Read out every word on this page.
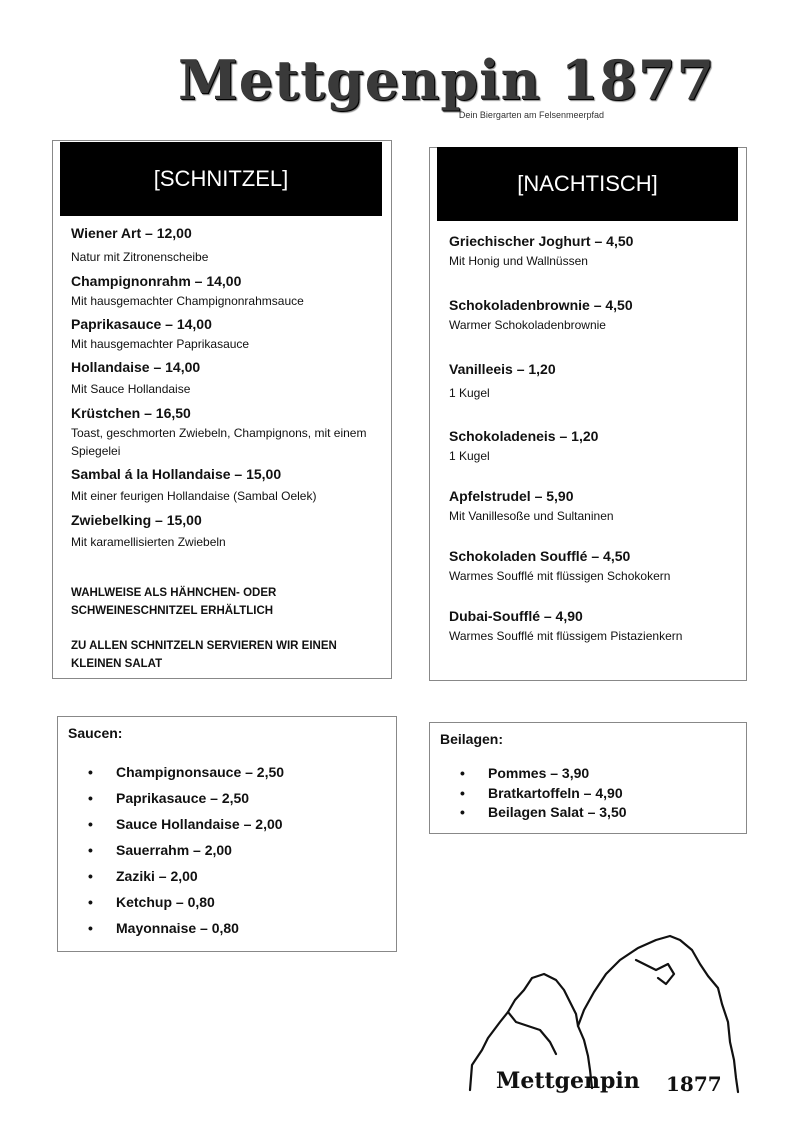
Mettgenpin 1877
Dein Biergarten am Felsenmeerpfad
[SCHNITZEL]
Wiener Art – 12,00
Natur mit Zitronenscheibe
Champignonrahm – 14,00
Mit hausgemachter Champignonrahmsauce
Paprikasauce – 14,00
Mit hausgemachter Paprikasauce
Hollandaise – 14,00
Mit Sauce Hollandaise
Krüstchen – 16,50
Toast, geschmorten Zwiebeln, Champignons, mit einem Spiegelei
Sambal á la Hollandaise – 15,00
Mit einer feurigen Hollandaise (Sambal Oelek)
Zwiebelking – 15,00
Mit karamellisierten Zwiebeln
WAHLWEISE ALS HÄHNCHEN- ODER SCHWEINESCHNITZEL ERHÄLTLICH
ZU ALLEN SCHNITZELN SERVIEREN WIR EINEN KLEINEN SALAT
[NACHTISCH]
Griechischer Joghurt – 4,50
Mit Honig und Wallnüssen
Schokoladenbrownie – 4,50
Warmer Schokoladenbrownie
Vanilleeis – 1,20
1 Kugel
Schokoladeneis – 1,20
1 Kugel
Apfelstrudel – 5,90
Mit Vanillesoße und Sultaninen
Schokoladen Soufflé – 4,50
Warmes Soufflé mit flüssigen Schokokern
Dubai-Soufflé – 4,90
Warmes Soufflé mit flüssigem Pistazienkern
Saucen:
• Champignonsauce – 2,50
• Paprikasauce – 2,50
• Sauce Hollandaise – 2,00
• Sauerrahm – 2,00
• Zaziki – 2,00
• Ketchup – 0,80
• Mayonnaise – 0,80
Beilagen:
• Pommes – 3,90
• Bratkartoffeln – 4,90
• Beilagen Salat – 3,50
Mettgenpin 1877
